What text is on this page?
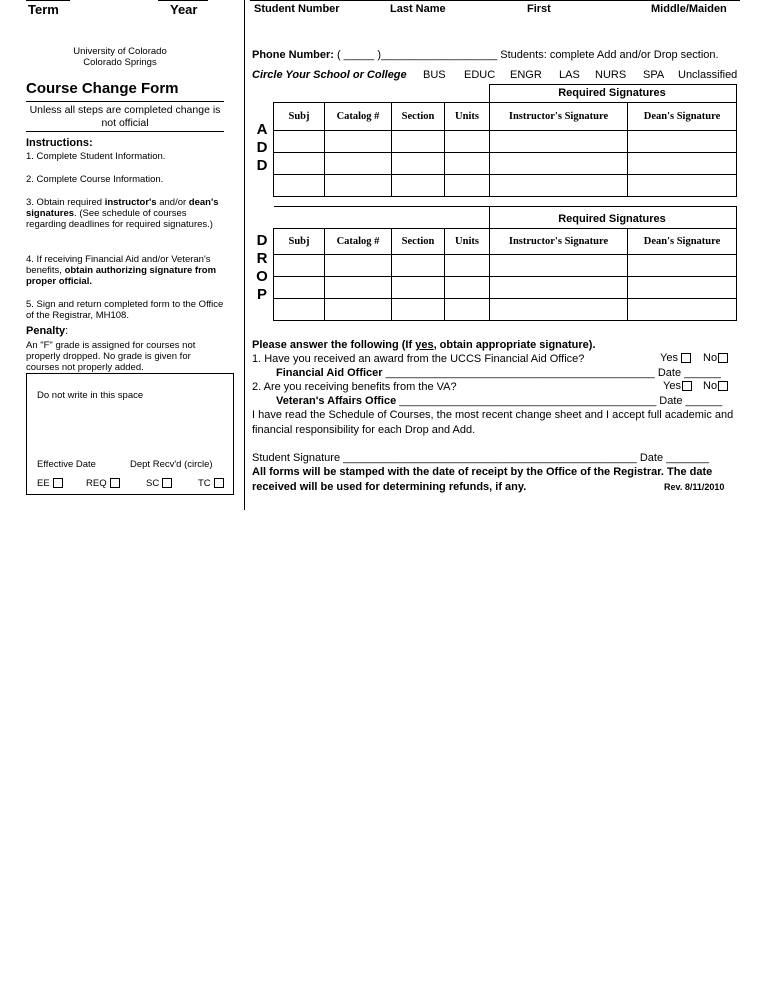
Term	Year
University of Colorado
Colorado Springs
Course Change Form
Unless all steps are completed change is not official
Instructions:
1. Complete Student Information.
2. Complete Course Information.
3. Obtain required instructor's and/or dean's signatures. (See schedule of courses regarding deadlines for required signatures.)
4. If receiving Financial Aid and/or Veteran's benefits, obtain authorizing signature from proper official.
5. Sign and return completed form to the Office of the Registrar, MH108.
Penalty:
An "F" grade is assigned for courses not properly dropped. No grade is given for courses not properly added.
Do not write in this space
Effective Date	Dept Recv'd (circle)
EE	REQ	SC	TC
Student Number	Last Name	First	Middle/Maiden
Phone Number: ( _____ )___________________ Students: complete Add and/or Drop section.
Circle Your School or College BUS EDUC ENGR LAS NURS SPA Unclassified
Required Signatures
A
D
D

Subj	Catalog #	Section	Units	Instructor's Signature	Dean's Signature

Required Signatures
D
R
O
P

Subj	Catalog #	Section	Units	Instructor's Signature	Dean's Signature

Please answer the following (If yes, obtain appropriate signature).
1. Have you received an award from the UCCS Financial Aid Office?	Yes	No
Financial Aid Officer ____________________________________________ Date ______
2. Are you receiving benefits from the VA?	Yes	No
Veteran's Affairs Office __________________________________________ Date ______
I have read the Schedule of Courses, the most recent change sheet and I accept full academic and financial responsibility for each Drop and Add.
Student Signature ________________________________________________ Date _______
All forms will be stamped with the date of receipt by the Office of the Registrar. The date received will be used for determining refunds, if any.	Rev. 8/11/2010
